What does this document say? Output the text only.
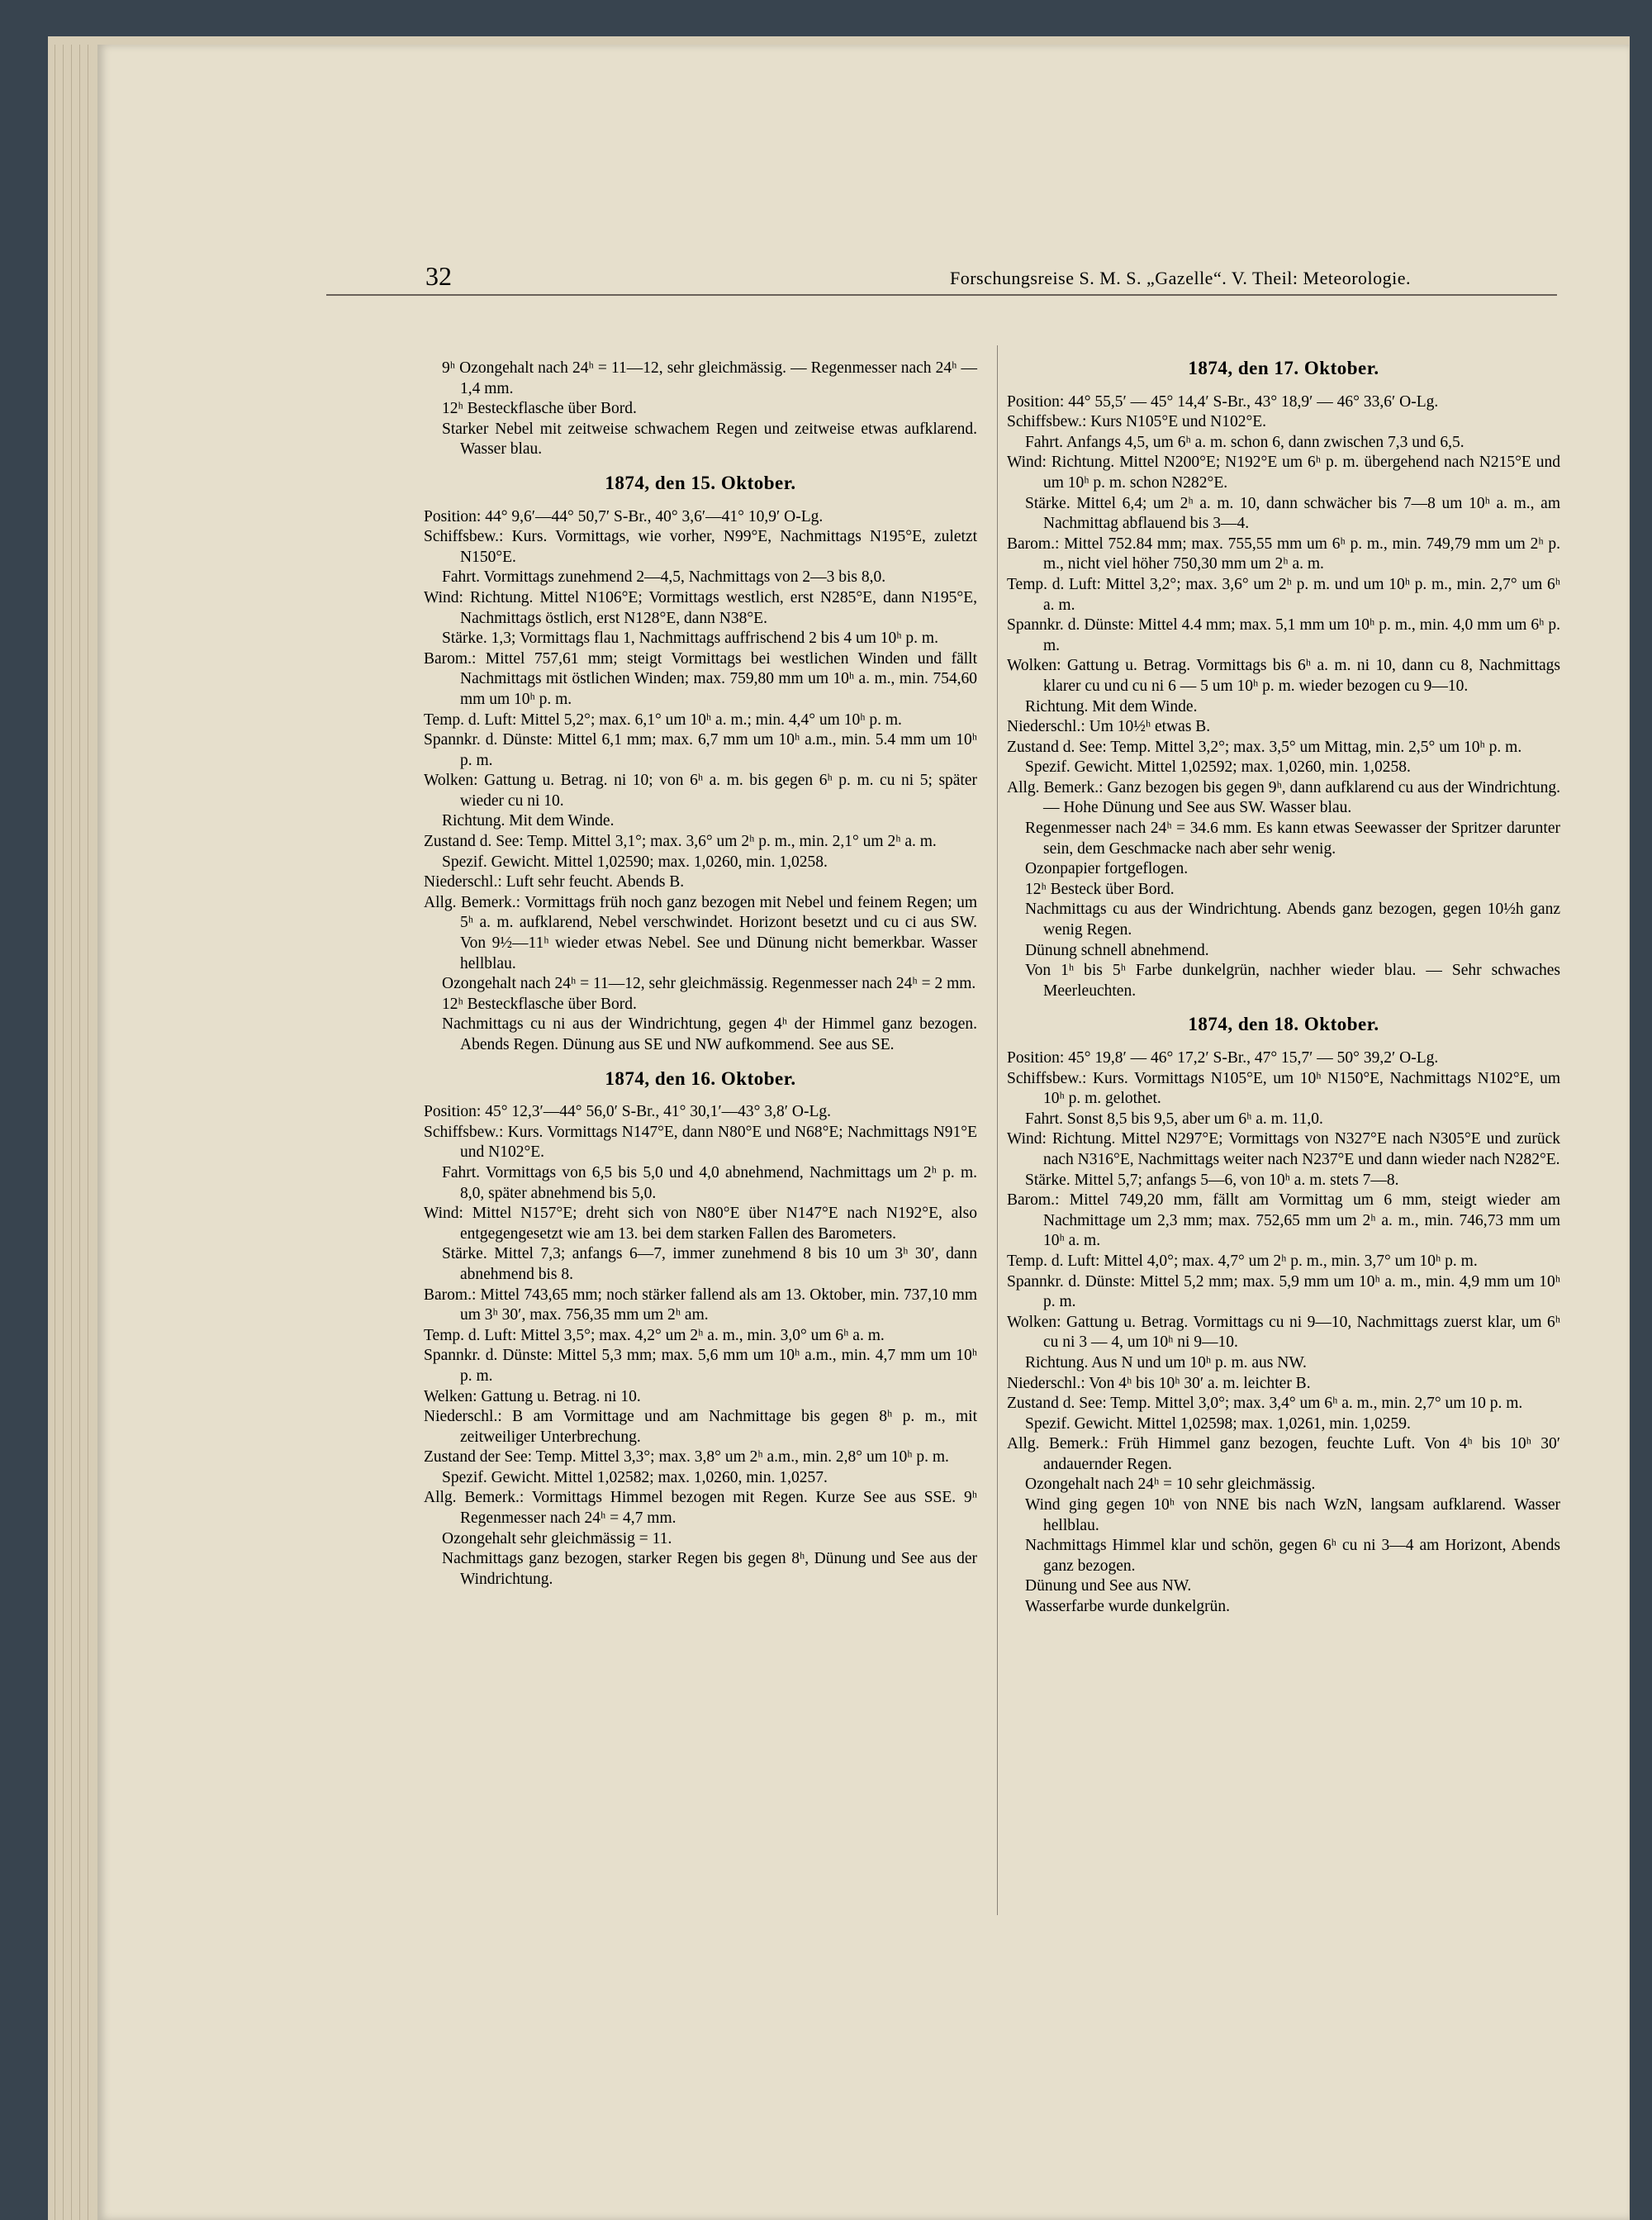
32	Forschungsreise S. M. S. „Gazelle“. V. Theil: Meteorologie.

9ʰ Ozongehalt nach 24ʰ = 11—12, sehr gleichmässig. — Regenmesser nach 24ʰ — 1,4 mm.

12ʰ Besteckflasche über Bord.

Starker Nebel mit zeitweise schwachem Regen und zeitweise etwas aufklarend. Wasser blau.

1874, den 15. Oktober.

Position: 44° 9,6′—44° 50,7′ S-Br., 40° 3,6′—41° 10,9′ O-Lg.

Schiffsbew.: Kurs. Vormittags, wie vorher, N99°E, Nachmittags N195°E, zuletzt N150°E.

Fahrt. Vormittags zunehmend 2—4,5, Nachmittags von 2—3 bis 8,0.

Wind: Richtung. Mittel N106°E; Vormittags westlich, erst N285°E, dann N195°E, Nachmittags östlich, erst N128°E, dann N38°E.

Stärke. 1,3; Vormittags flau 1, Nachmittags auffrischend 2 bis 4 um 10ʰ p. m.

Barom.: Mittel 757,61 mm; steigt Vormittags bei westlichen Winden und fällt Nachmittags mit östlichen Winden; max. 759,80 mm um 10ʰ a. m., min. 754,60 mm um 10ʰ p. m.

Temp. d. Luft: Mittel 5,2°; max. 6,1° um 10ʰ a. m.; min. 4,4° um 10ʰ p. m.

Spannkr. d. Dünste: Mittel 6,1 mm; max. 6,7 mm um 10ʰ a.m., min. 5.4 mm um 10ʰ p. m.

Wolken: Gattung u. Betrag. ni 10; von 6ʰ a. m. bis gegen 6ʰ p. m. cu ni 5; später wieder cu ni 10.

Richtung. Mit dem Winde.

Zustand d. See: Temp. Mittel 3,1°; max. 3,6° um 2ʰ p. m., min. 2,1° um 2ʰ a. m.

Spezif. Gewicht. Mittel 1,02590; max. 1,0260, min. 1,0258.

Niederschl.: Luft sehr feucht. Abends B.

Allg. Bemerk.: Vormittags früh noch ganz bezogen mit Nebel und feinem Regen; um 5ʰ a. m. aufklarend, Nebel verschwindet. Horizont besetzt und cu ci aus SW. Von 9½—11ʰ wieder etwas Nebel. See und Dünung nicht bemerkbar. Wasser hellblau.

Ozongehalt nach 24ʰ = 11—12, sehr gleichmässig. Regenmesser nach 24ʰ = 2 mm.

12ʰ Besteckflasche über Bord.

Nachmittags cu ni aus der Windrichtung, gegen 4ʰ der Himmel ganz bezogen. Abends Regen. Dünung aus SE und NW aufkommend. See aus SE.

1874, den 16. Oktober.

Position: 45° 12,3′—44° 56,0′ S-Br., 41° 30,1′—43° 3,8′ O-Lg.

Schiffsbew.: Kurs. Vormittags N147°E, dann N80°E und N68°E; Nachmittags N91°E und N102°E.

Fahrt. Vormittags von 6,5 bis 5,0 und 4,0 abnehmend, Nachmittags um 2ʰ p. m. 8,0, später abnehmend bis 5,0.

Wind: Mittel N157°E; dreht sich von N80°E über N147°E nach N192°E, also entgegengesetzt wie am 13. bei dem starken Fallen des Barometers.

Stärke. Mittel 7,3; anfangs 6—7, immer zunehmend 8 bis 10 um 3ʰ 30′, dann abnehmend bis 8.

Barom.: Mittel 743,65 mm; noch stärker fallend als am 13. Oktober, min. 737,10 mm um 3ʰ 30′, max. 756,35 mm um 2ʰ am.

Temp. d. Luft: Mittel 3,5°; max. 4,2° um 2ʰ a. m., min. 3,0° um 6ʰ a. m.

Spannkr. d. Dünste: Mittel 5,3 mm; max. 5,6 mm um 10ʰ a.m., min. 4,7 mm um 10ʰ p. m.

Welken: Gattung u. Betrag. ni 10.

Niederschl.: B am Vormittage und am Nachmittage bis gegen 8ʰ p. m., mit zeitweiliger Unterbrechung.

Zustand der See: Temp. Mittel 3,3°; max. 3,8° um 2ʰ a.m., min. 2,8° um 10ʰ p. m.

Spezif. Gewicht. Mittel 1,02582; max. 1,0260, min. 1,0257.

Allg. Bemerk.: Vormittags Himmel bezogen mit Regen. Kurze See aus SSE. 9ʰ Regenmesser nach 24ʰ = 4,7 mm.

Ozongehalt sehr gleichmässig = 11.

Nachmittags ganz bezogen, starker Regen bis gegen 8ʰ, Dünung und See aus der Windrichtung.

1874, den 17. Oktober.

Position: 44° 55,5′ — 45° 14,4′ S-Br., 43° 18,9′ — 46° 33,6′ O-Lg.

Schiffsbew.: Kurs N105°E und N102°E.

Fahrt. Anfangs 4,5, um 6ʰ a. m. schon 6, dann zwischen 7,3 und 6,5.

Wind: Richtung. Mittel N200°E; N192°E um 6ʰ p. m. übergehend nach N215°E und um 10ʰ p. m. schon N282°E.

Stärke. Mittel 6,4; um 2ʰ a. m. 10, dann schwächer bis 7—8 um 10ʰ a. m., am Nachmittag abflauend bis 3—4.

Barom.: Mittel 752.84 mm; max. 755,55 mm um 6ʰ p. m., min. 749,79 mm um 2ʰ p. m., nicht viel höher 750,30 mm um 2ʰ a. m.

Temp. d. Luft: Mittel 3,2°; max. 3,6° um 2ʰ p. m. und um 10ʰ p. m., min. 2,7° um 6ʰ a. m.

Spannkr. d. Dünste: Mittel 4.4 mm; max. 5,1 mm um 10ʰ p. m., min. 4,0 mm um 6ʰ p. m.

Wolken: Gattung u. Betrag. Vormittags bis 6ʰ a. m. ni 10, dann cu 8, Nachmittags klarer cu und cu ni 6 — 5 um 10ʰ p. m. wieder bezogen cu 9—10.

Richtung. Mit dem Winde.

Niederschl.: Um 10½ʰ etwas B.

Zustand d. See: Temp. Mittel 3,2°; max. 3,5° um Mittag, min. 2,5° um 10ʰ p. m.

Spezif. Gewicht. Mittel 1,02592; max. 1,0260, min. 1,0258.

Allg. Bemerk.: Ganz bezogen bis gegen 9ʰ, dann aufklarend cu aus der Windrichtung. — Hohe Dünung und See aus SW. Wasser blau.

Regenmesser nach 24ʰ = 34.6 mm. Es kann etwas Seewasser der Spritzer darunter sein, dem Geschmacke nach aber sehr wenig.

Ozonpapier fortgeflogen.

12ʰ Besteck über Bord.

Nachmittags cu aus der Windrichtung. Abends ganz bezogen, gegen 10½h ganz wenig Regen.

Dünung schnell abnehmend.

Von 1ʰ bis 5ʰ Farbe dunkelgrün, nachher wieder blau. — Sehr schwaches Meerleuchten.

1874, den 18. Oktober.

Position: 45° 19,8′ — 46° 17,2′ S-Br., 47° 15,7′ — 50° 39,2′ O-Lg.

Schiffsbew.: Kurs. Vormittags N105°E, um 10ʰ N150°E, Nachmittags N102°E, um 10ʰ p. m. gelothet.

Fahrt. Sonst 8,5 bis 9,5, aber um 6ʰ a. m. 11,0.

Wind: Richtung. Mittel N297°E; Vormittags von N327°E nach N305°E und zurück nach N316°E, Nachmittags weiter nach N237°E und dann wieder nach N282°E.

Stärke. Mittel 5,7; anfangs 5—6, von 10ʰ a. m. stets 7—8.

Barom.: Mittel 749,20 mm, fällt am Vormittag um 6 mm, steigt wieder am Nachmittage um 2,3 mm; max. 752,65 mm um 2ʰ a. m., min. 746,73 mm um 10ʰ a. m.

Temp. d. Luft: Mittel 4,0°; max. 4,7° um 2ʰ p. m., min. 3,7° um 10ʰ p. m.

Spannkr. d. Dünste: Mittel 5,2 mm; max. 5,9 mm um 10ʰ a. m., min. 4,9 mm um 10ʰ p. m.

Wolken: Gattung u. Betrag. Vormittags cu ni 9—10, Nachmittags zuerst klar, um 6ʰ cu ni 3 — 4, um 10ʰ ni 9—10.

Richtung. Aus N und um 10ʰ p. m. aus NW.

Niederschl.: Von 4ʰ bis 10ʰ 30′ a. m. leichter B.

Zustand d. See: Temp. Mittel 3,0°; max. 3,4° um 6ʰ a. m., min. 2,7° um 10 p. m.

Spezif. Gewicht. Mittel 1,02598; max. 1,0261, min. 1,0259.

Allg. Bemerk.: Früh Himmel ganz bezogen, feuchte Luft. Von 4ʰ bis 10ʰ 30′ andauernder Regen.

Ozongehalt nach 24ʰ = 10 sehr gleichmässig.

Wind ging gegen 10ʰ von NNE bis nach WzN, langsam aufklarend. Wasser hellblau.

Nachmittags Himmel klar und schön, gegen 6ʰ cu ni 3—4 am Horizont, Abends ganz bezogen.

Dünung und See aus NW.

Wasserfarbe wurde dunkelgrün.
